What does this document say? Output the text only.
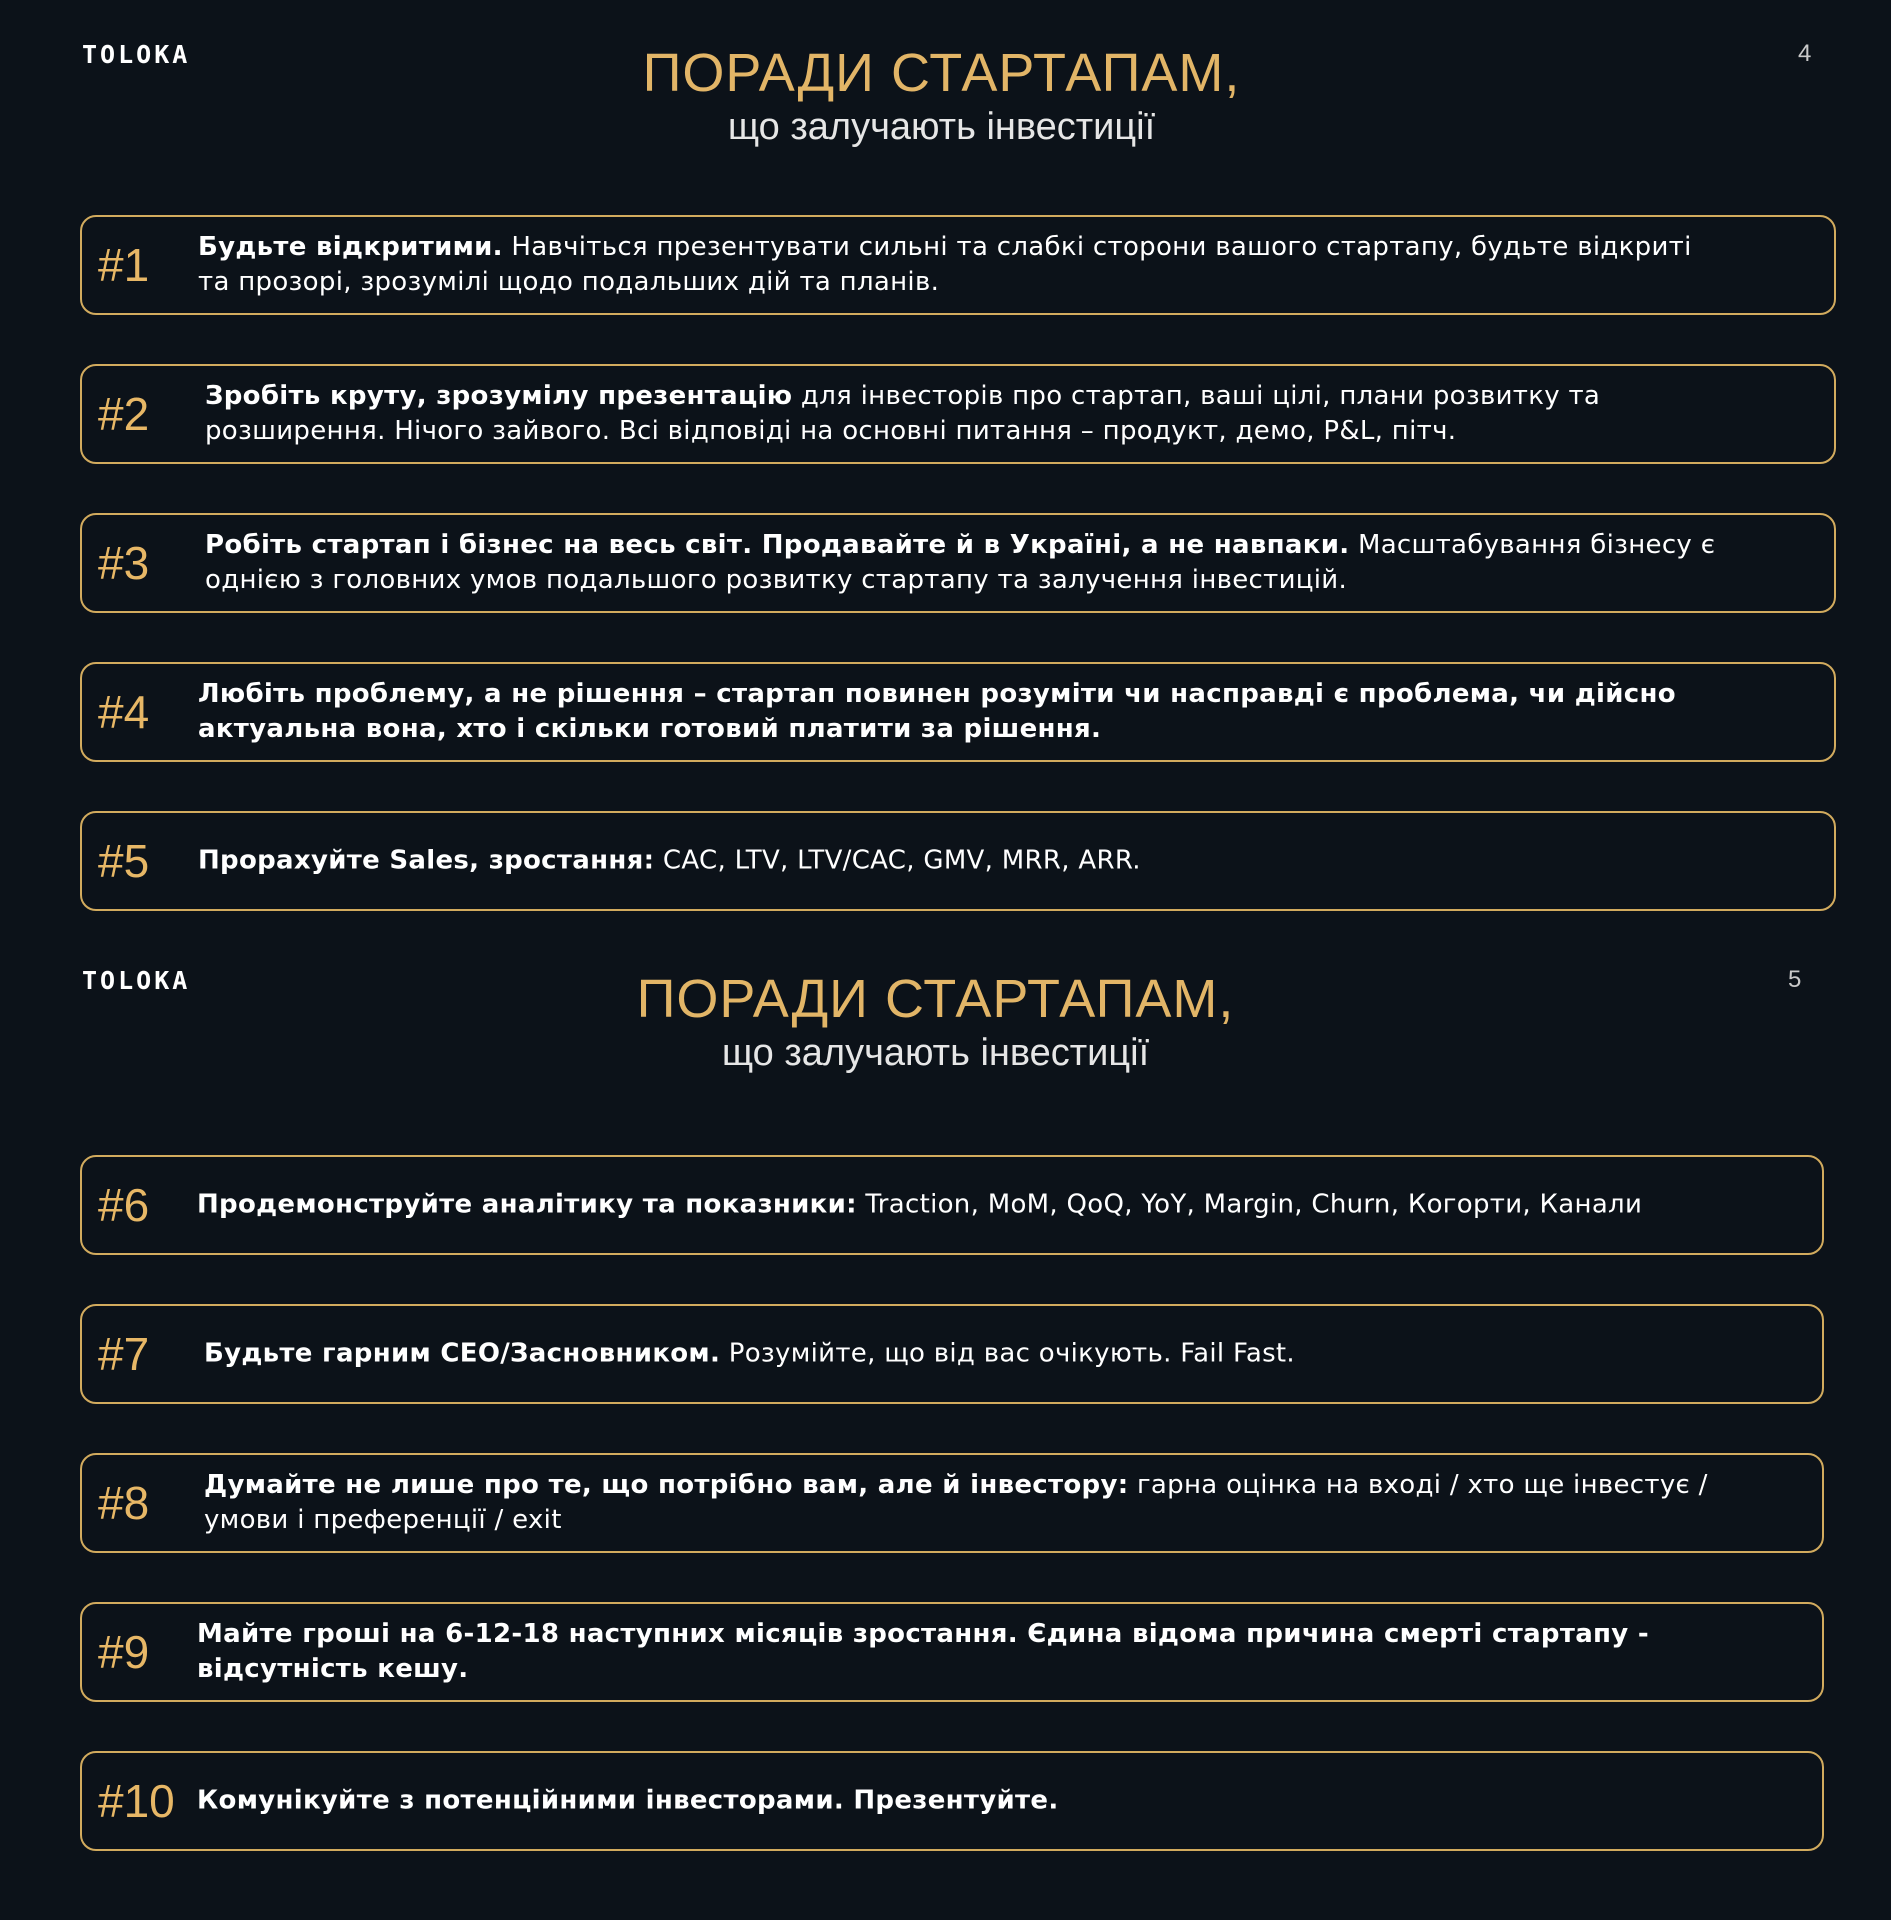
TOLOKA	4
ПОРАДИ СТАРТАПАМ,
що залучають інвестиції
#1 Будьте відкритими. Навчіться презентувати сильні та слабкі сторони вашого стартапу, будьте відкриті та прозорі, зрозумілі щодо подальших дій та планів.
#2 Зробіть круту, зрозумілу презентацію для інвесторів про стартап, ваші цілі, плани розвитку та розширення. Нічого зайвого. Всі відповіді на основні питання – продукт, демо, P&L, пітч.
#3 Робіть стартап і бізнес на весь світ. Продавайте й в Україні, а не навпаки. Масштабування бізнесу є однією з головних умов подальшого розвитку стартапу та залучення інвестицій.
#4 Любіть проблему, а не рішення – стартап повинен розуміти чи насправді є проблема, чи дійсно актуальна вона, хто і скільки готовий платити за рішення.
#5 Прорахуйте Sales, зростання: CAC, LTV, LTV/CAC, GMV, MRR, ARR.
TOLOKA	5
ПОРАДИ СТАРТАПАМ,
що залучають інвестиції
#6 Продемонструйте аналітику та показники: Traction, MoM, QoQ, YoY, Margin, Churn, Когорти, Канали
#7 Будьте гарним CEO/Засновником. Розумійте, що від вас очікують. Fail Fast.
#8 Думайте не лише про те, що потрібно вам, але й інвестору: гарна оцінка на вході / хто ще інвестує / умови і преференції / exit
#9 Майте гроші на 6-12-18 наступних місяців зростання. Єдина відома причина смерті стартапу - відсутність кешу.
#10 Комунікуйте з потенційними інвесторами. Презентуйте.
